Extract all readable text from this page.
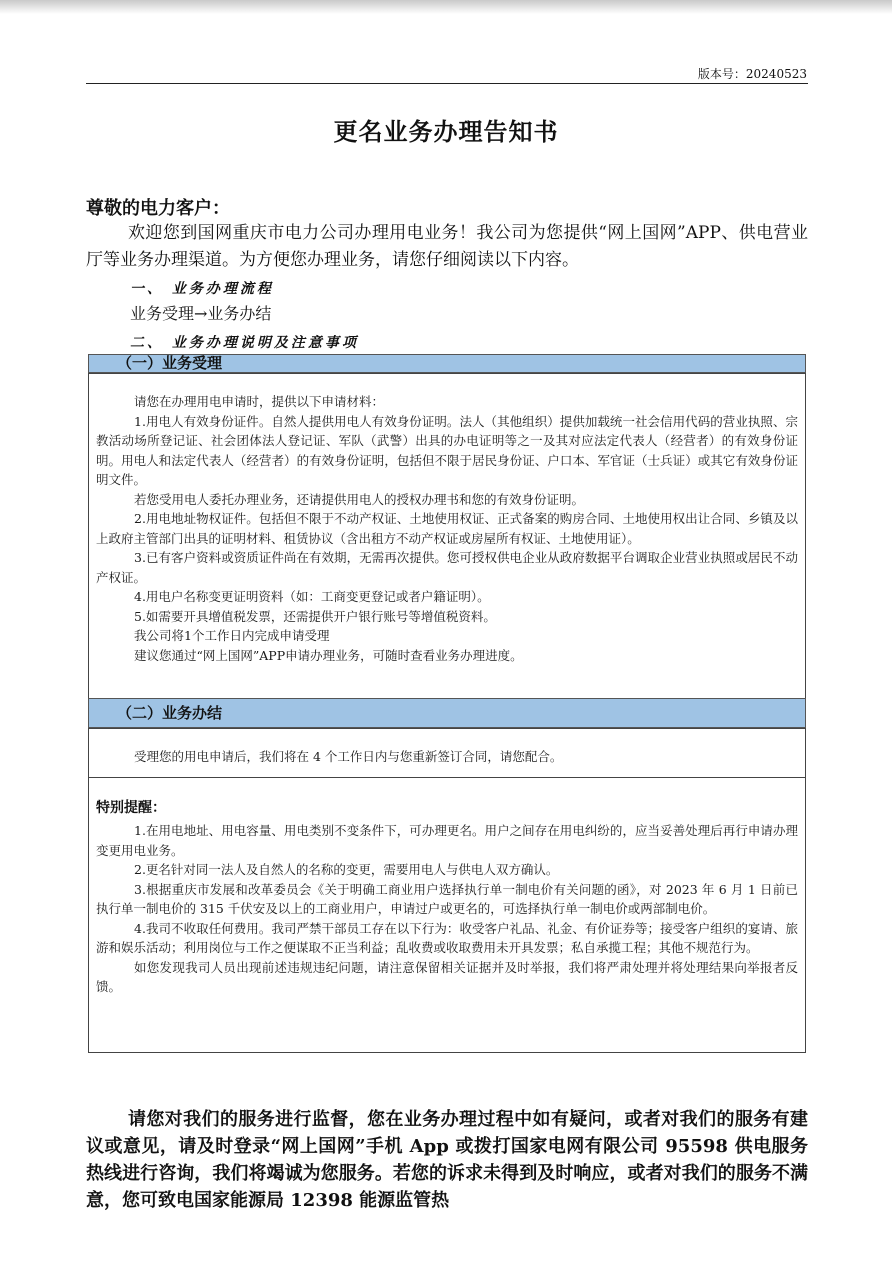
版本号：20240523
更名业务办理告知书
尊敬的电力客户：
欢迎您到国网重庆市电力公司办理用电业务！我公司为您提供“网上国网”APP、供电营业厅等业务办理渠道。为方便您办理业务，请您仔细阅读以下内容。
一、 业务办理流程
业务受理→业务办结
二、 业务办理说明及注意事项
（一）业务受理

请您在办理用电申请时，提供以下申请材料：

1.用电人有效身份证件。自然人提供用电人有效身份证明。法人（其他组织）提供加载统一社会信用代码的营业执照、宗教活动场所登记证、社会团体法人登记证、军队（武警）出具的办电证明等之一及其对应法定代表人（经营者）的有效身份证明。用电人和法定代表人（经营者）的有效身份证明，包括但不限于居民身份证、户口本、军官证（士兵证）或其它有效身份证明文件。

若您受用电人委托办理业务，还请提供用电人的授权办理书和您的有效身份证明。

2.用电地址物权证件。包括但不限于不动产权证、土地使用权证、正式备案的购房合同、土地使用权出让合同、乡镇及以上政府主管部门出具的证明材料、租赁协议（含出租方不动产权证或房屋所有权证、土地使用证）。

3.已有客户资料或资质证件尚在有效期，无需再次提供。您可授权供电企业从政府数据平台调取企业营业执照或居民不动产权证。

4.用电户名称变更证明资料（如：工商变更登记或者户籍证明）。

5.如需要开具增值税发票，还需提供开户银行账号等增值税资料。

我公司将1个工作日内完成申请受理

建议您通过“网上国网”APP申请办理业务，可随时查看业务办理进度。

（二）业务办结

受理您的用电申请后，我们将在 4 个工作日内与您重新签订合同，请您配合。

特别提醒：

1.在用电地址、用电容量、用电类别不变条件下，可办理更名。用户之间存在用电纠纷的，应当妥善处理后再行申请办理变更用电业务。

2.更名针对同一法人及自然人的名称的变更，需要用电人与供电人双方确认。

3.根据重庆市发展和改革委员会《关于明确工商业用户选择执行单一制电价有关问题的函》，对 2023 年 6 月 1 日前已执行单一制电价的 315 千伏安及以上的工商业用户，申请过户或更名的，可选择执行单一制电价或两部制电价。

4.我司不收取任何费用。我司严禁干部员工存在以下行为：收受客户礼品、礼金、有价证券等；接受客户组织的宴请、旅游和娱乐活动；利用岗位与工作之便谋取不正当利益；乱收费或收取费用未开具发票；私自承揽工程；其他不规范行为。

如您发现我司人员出现前述违规违纪问题，请注意保留相关证据并及时举报，我们将严肃处理并将处理结果向举报者反馈。

请您对我们的服务进行监督，您在业务办理过程中如有疑问，或者对我们的服务有建议或意见，请及时登录“网上国网”手机 App 或拨打国家电网有限公司 95598 供电服务热线进行咨询，我们将竭诚为您服务。若您的诉求未得到及时响应，或者对我们的服务不满意，您可致电国家能源局 12398 能源监管热
